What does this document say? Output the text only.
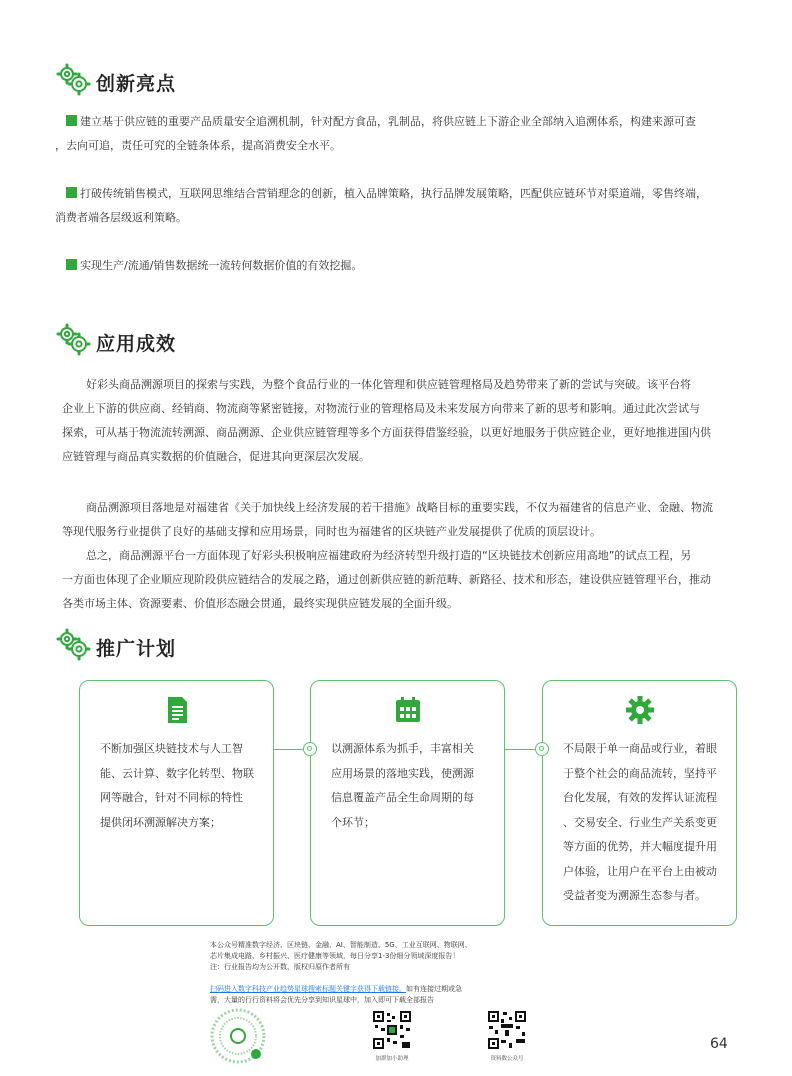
创新亮点
建立基于供应链的重要产品质量安全追溯机制，针对配方食品，乳制品，将供应链上下游企业全部纳入追溯体系，构建来源可查
，去向可追，责任可究的全链条体系，提高消费安全水平。
打破传统销售模式，互联网思维结合营销理念的创新，植入品牌策略，执行品牌发展策略，匹配供应链环节对渠道端，零售终端，
消费者端各层级返利策略。
实现生产/流通/销售数据统一流转何数据价值的有效挖掘。
应用成效
好彩头商品溯源项目的探索与实践，为整个食品行业的一体化管理和供应链管理格局及趋势带来了新的尝试与突破。该平台将
企业上下游的供应商、经销商、物流商等紧密链接，对物流行业的管理格局及未来发展方向带来了新的思考和影响。通过此次尝试与
探索，可从基于物流流转溯源、商品溯源、企业供应链管理等多个方面获得借鉴经验，以更好地服务于供应链企业，更好地推进国内供
应链管理与商品真实数据的价值融合，促进其向更深层次发展。
商品溯源项目落地是对福建省《关于加快线上经济发展的若干措施》战略目标的重要实践，不仅为福建省的信息产业、金融、物流
等现代服务行业提供了良好的基础支撑和应用场景，同时也为福建省的区块链产业发展提供了优质的顶层设计。
总之，商品溯源平台一方面体现了好彩头积极响应福建政府为经济转型升级打造的“区块链技术创新应用高地”的试点工程，另
一方面也体现了企业顺应现阶段供应链结合的发展之路，通过创新供应链的新范畴、新路径、技术和形态，建设供应链管理平台，推动
各类市场主体、资源要素、价值形态融会贯通，最终实现供应链发展的全面升级。
推广计划
不断加强区块链技术与人工智
能、云计算、数字化转型、物联
网等融合，针对不同标的特性
提供闭环溯源解决方案；
以溯源体系为抓手，丰富相关
应用场景的落地实践，使溯源
信息覆盖产品全生命周期的每
个环节；
不局限于单一商品或行业，着眼
于整个社会的商品流转，坚持平
台化发展，有效的发挥认证流程
、交易安全、行业生产关系变更
等方面的优势，并大幅度提升用
户体验，让用户在平台上由被动
受益者变为溯源生态参与者。
本公众号精准数字经济、区块链、金融、AI、智能制造、5G、工业互联网、物联网、
芯片集成电路、乡村振兴、医疗健康等领域，每日分享1-3份细分领域深度报告！
注：行业报告均为公开数，版权归原作者所有
扫码进入数字科技产业趋势星球搜索标题关键字获得下载链接。如有连接过期或急
需，大量的行行资料将会优先分享到知识星球中，加入即可下载全部报告
加群加小助理	资料数公众号
64
